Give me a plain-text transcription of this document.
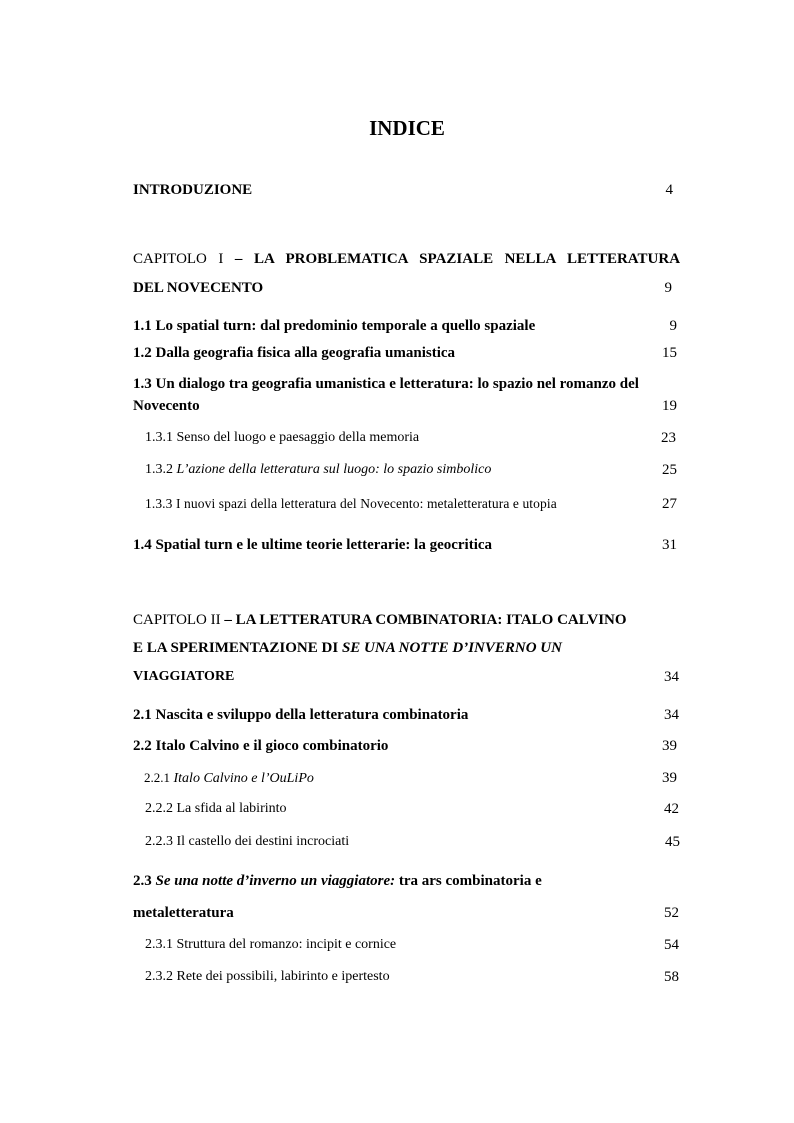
INDICE
INTRODUZIONE	4
CAPITOLO I – LA PROBLEMATICA SPAZIALE NELLA LETTERATURA
DEL NOVECENTO	9
1.1 Lo spatial turn: dal predominio temporale a quello spaziale	9
1.2 Dalla geografia fisica alla geografia umanistica	15
1.3 Un dialogo tra geografia umanistica e letteratura: lo spazio nel romanzo del
Novecento	19
1.3.1 Senso del luogo e paesaggio della memoria	23
1.3.2 L’azione della letteratura sul luogo: lo spazio simbolico	25
1.3.3 I nuovi spazi della letteratura del Novecento: metaletteratura e utopia	27
1.4 Spatial turn e le ultime teorie letterarie: la geocritica	31
CAPITOLO II – LA LETTERATURA COMBINATORIA: ITALO CALVINO
E LA SPERIMENTAZIONE DI SE UNA NOTTE D’INVERNO UN
VIAGGIATORE	34
2.1 Nascita e sviluppo della letteratura combinatoria	34
2.2 Italo Calvino e il gioco combinatorio	39
2.2.1 Italo Calvino e l’OuLiPo	39
2.2.2 La sfida al labirinto	42
2.2.3 Il castello dei destini incrociati	45
2.3 Se una notte d’inverno un viaggiatore: tra ars combinatoria e
metaletteratura	52
2.3.1 Struttura del romanzo: incipit e cornice	54
2.3.2 Rete dei possibili, labirinto e ipertesto	58
